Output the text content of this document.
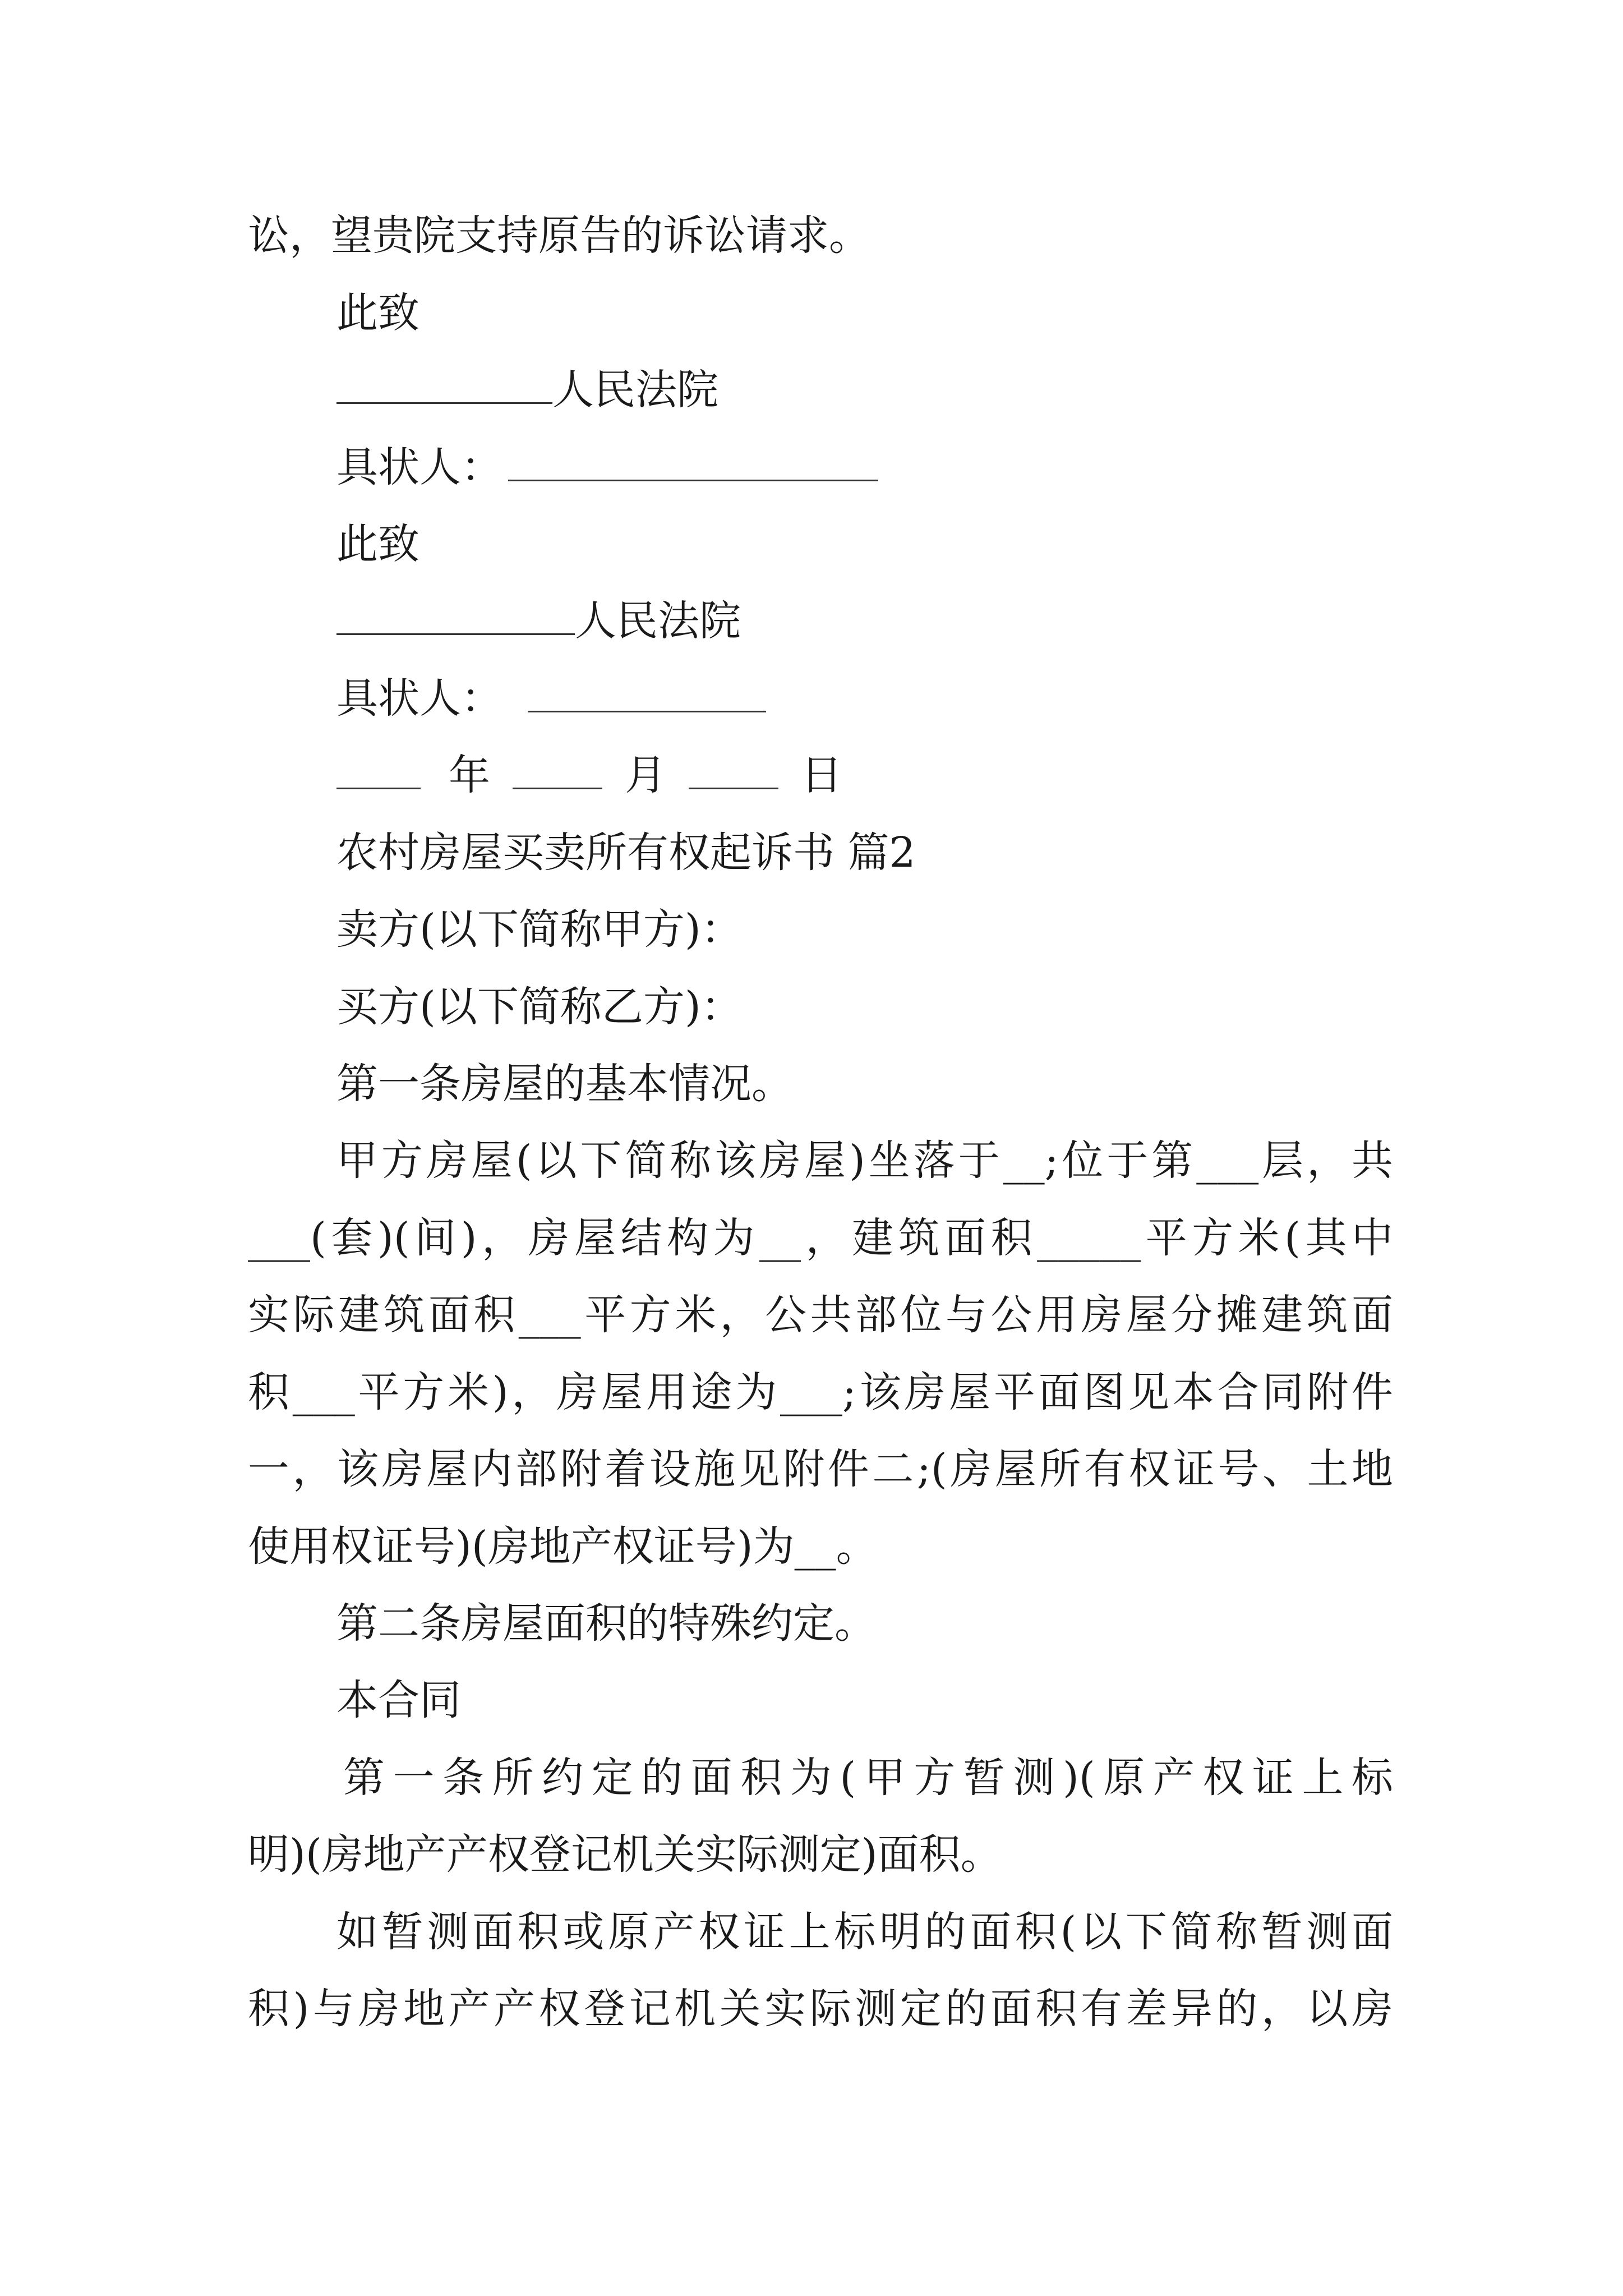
讼，望贵院支持原告的诉讼请求。
此致
人民法院
具状人：
此致
人民法院
具状人：
年	月	日
农村房屋买卖所有权起诉书 篇2
卖方(以下简称甲方)：
买方(以下简称乙方)：
第一条房屋的基本情况。
甲方房屋(以下简称该房屋)坐落于__;位于第___层，共
___(套)(间)，房屋结构为__，建筑面积_____平方米(其中
实际建筑面积___平方米，公共部位与公用房屋分摊建筑面
积___平方米)，房屋用途为___;该房屋平面图见本合同附件
一，该房屋内部附着设施见附件二;(房屋所有权证号、土地
使用权证号)(房地产权证号)为__。
第二条房屋面积的特殊约定。
本合同
第一条所约定的面积为(甲方暂测)(原产权证上标
明)(房地产产权登记机关实际测定)面积。
如暂测面积或原产权证上标明的面积(以下简称暂测面
积)与房地产产权登记机关实际测定的面积有差异的，以房
